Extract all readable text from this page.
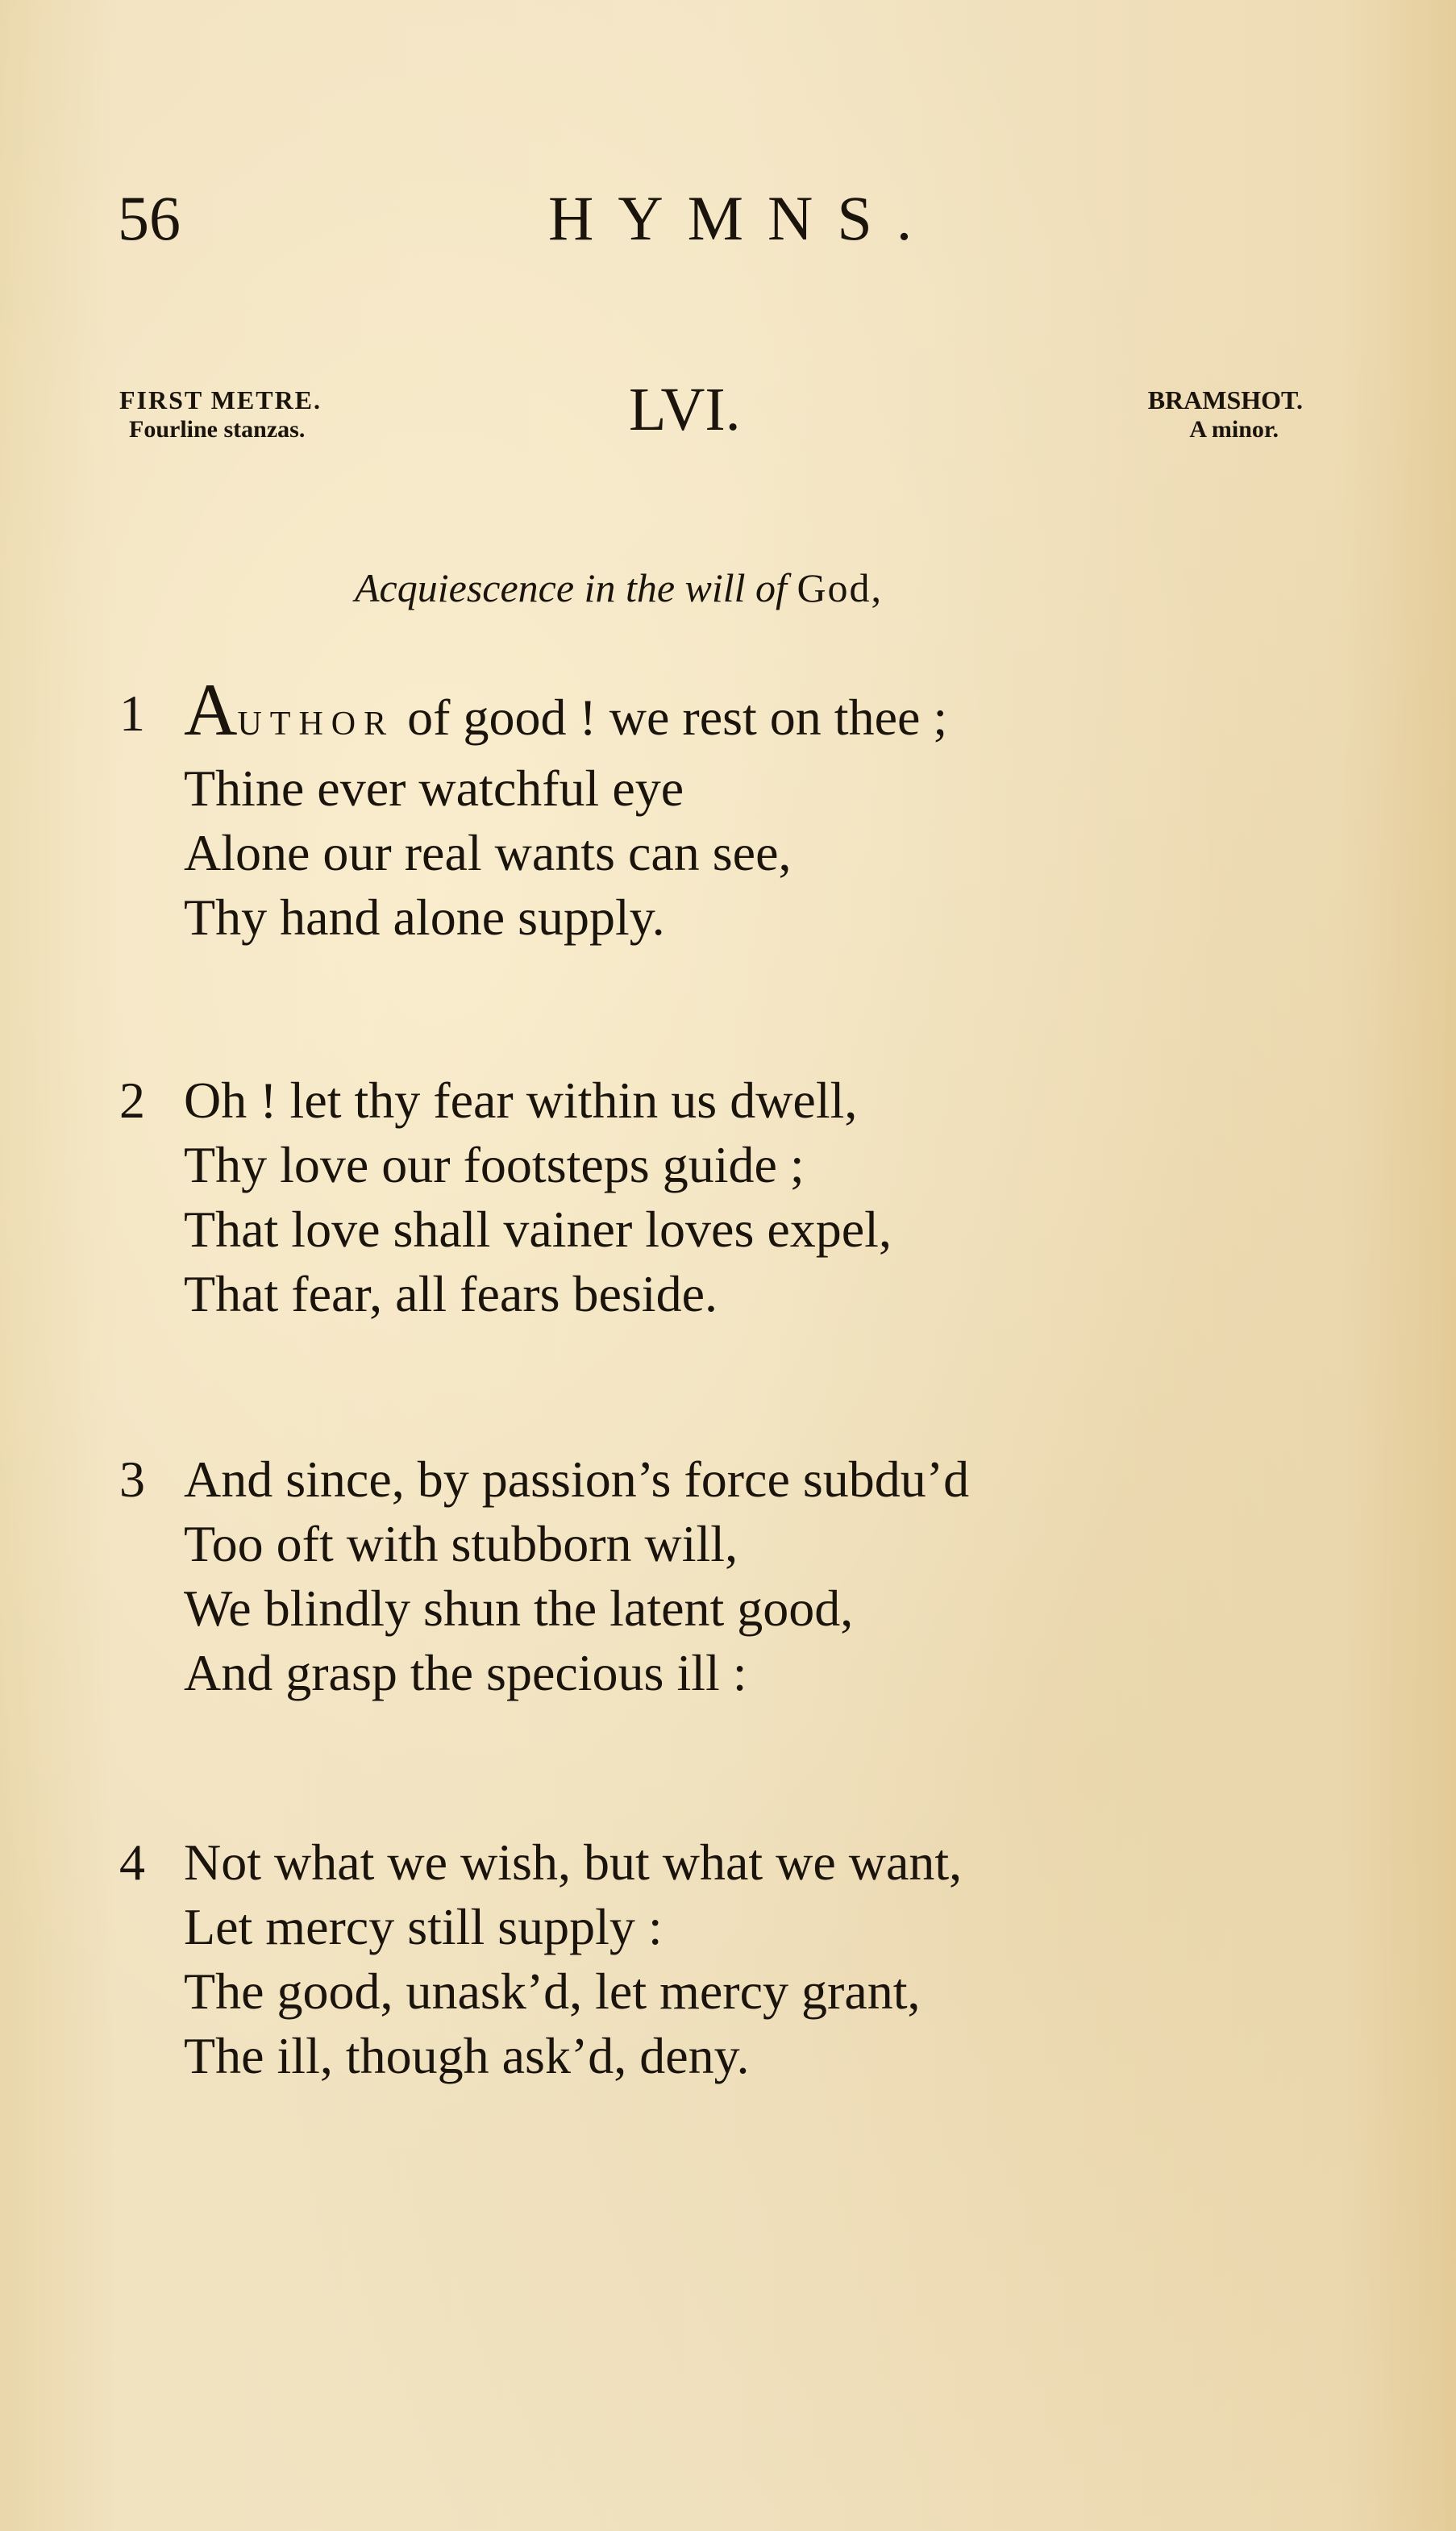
56	HYMNS.
FIRST METRE.
Fourline stanzas.	LVI.	BRAMSHOT.
A minor.
Acquiescence in the will of God,
1 AUTHOR of good ! we rest on thee ;
Thine ever watchful eye
Alone our real wants can see,
Thy hand alone supply.
2 Oh ! let thy fear within us dwell,
Thy love our footsteps guide ;
That love shall vainer loves expel,
That fear, all fears beside.
3 And since, by passion’s force subdu’d
Too oft with stubborn will,
We blindly shun the latent good,
And grasp the specious ill :
4 Not what we wish, but what we want,
Let mercy still supply :
The good, unask’d, let mercy grant,
The ill, though ask’d, deny.
